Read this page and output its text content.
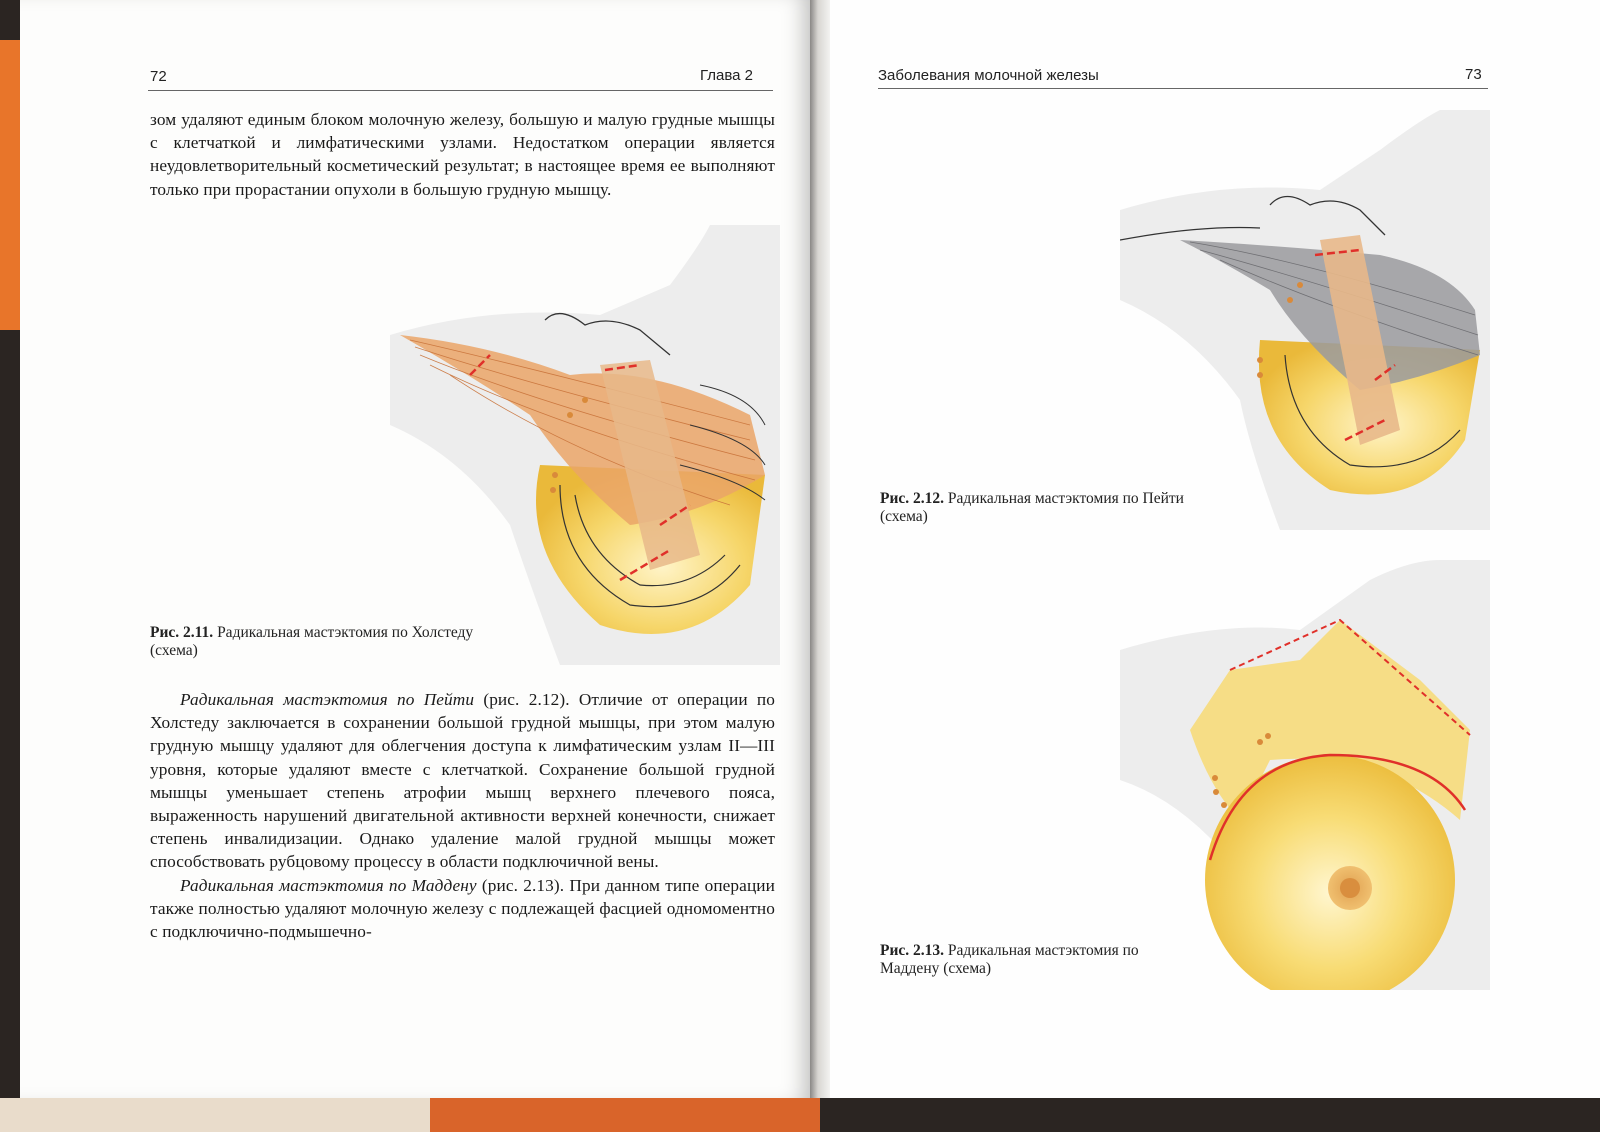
72	Глава 2

зом удаляют единым блоком молочную железу, большую и малую грудные мышцы с клетчаткой и лимфатическими узлами. Недостатком операции является неудовлетворительный косметический результат; в настоящее время ее выполняют только при прорастании опухоли в большую грудную мышцу.

Рис. 2.11. Радикальная мастэктомия по Холстеду (схема)

Радикальная мастэктомия по Пейти (рис. 2.12). Отличие от операции по Холстеду заключается в сохранении большой грудной мышцы, при этом малую грудную мышцу удаляют для облегчения доступа к лимфатическим узлам II—III уровня, которые удаляют вместе с клетчаткой. Сохранение большой грудной мышцы уменьшает степень атрофии мышц верхнего плечевого пояса, выраженность нарушений двигательной активности верхней конечности, снижает степень инвалидизации. Однако удаление малой грудной мышцы может способствовать рубцовому процессу в области подключичной вены.

Радикальная мастэктомия по Маддену (рис. 2.13). При данном типе операции также полностью удаляют молочную железу с подлежащей фасцией одномоментно с подключично-подмышечно-

Заболевания молочной железы	73
Рис. 2.12. Радикальная мастэктомия по Пейти (схема)
Рис. 2.13. Радикальная мастэктомия по Маддену (схема)
